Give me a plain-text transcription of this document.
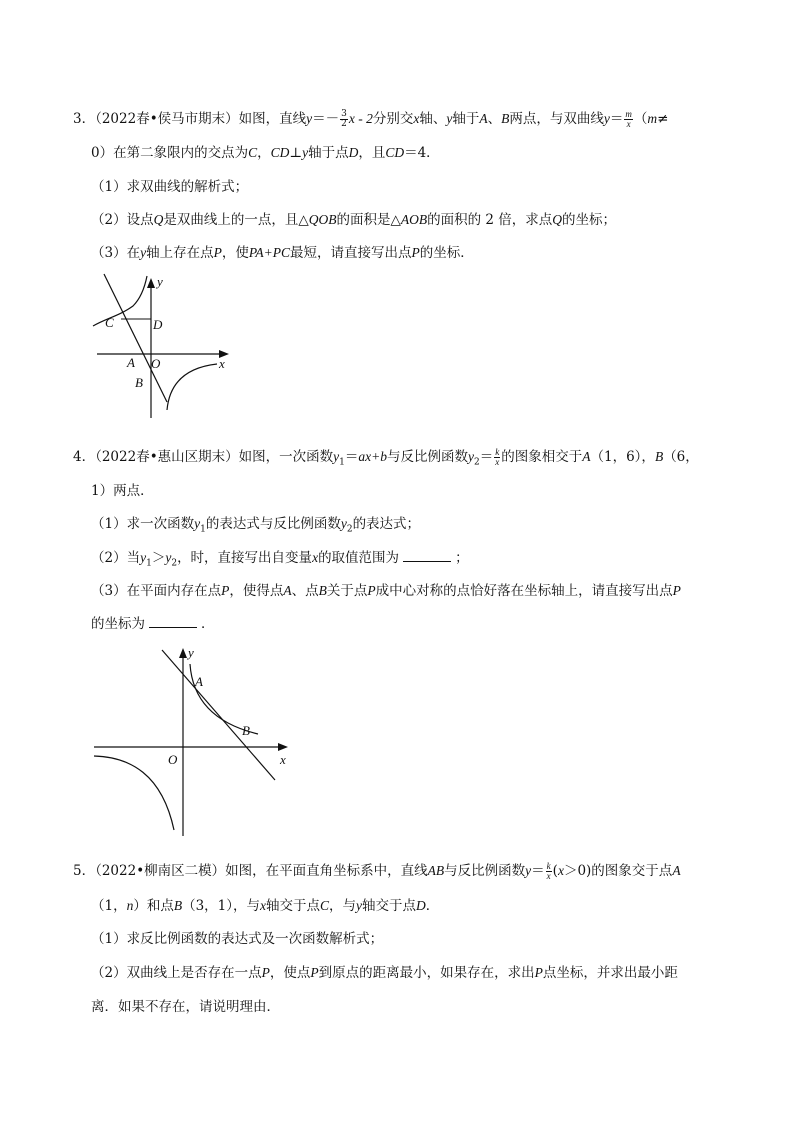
3．（2022春•侯马市期末）如图，直线$y=- \frac{3}{2}$ x - 2分别交x轴、y轴于A、B两点，与双曲线$y= \frac{m}{x} (m\ne$
0）在第二象限内的交点为C，CD⊥y轴于点D，且CD＝4．
（1）求双曲线的解析式；
（2）设点Q是双曲线上的一点，且△QOB的面积是△AOB的面积的 2 倍，求点Q的坐标；
（3）在y轴上存在点P，使PA+PC最短，请直接写出点P的坐标．
y
x
C	D
A O
B
4．（2022春•惠山区期末）如图，一次函数$y_1=ax+b$与反比例函数$y_2= \frac{k}{x}$ 的图象相交于A（1，6），B（6，
1）两点．
（1）求一次函数$y_1$的表达式与反比例函数$y_2$的表达式；
（2）当$y_1>y_2$，时，直接写出自变量x的取值范围为	；
（3）在平面内存在点P，使得点A、点B关于点P成中心对称的点恰好落在坐标轴上，请直接写出点P
的坐标为	．
y
x
A
B
O
5．（2022•柳南区二模）如图，在平面直角坐标系中，直线AB与反比例函数$y= \frac{k}{x} (x>0)$的图象交于点A
（1，n）和点B（3，1），与x轴交于点C，与y轴交于点D．
（1）求反比例函数的表达式及一次函数解析式；
（2）双曲线上是否存在一点P，使点P到原点的距离最小，如果存在，求出P点坐标，并求出最小距
离．如果不存在，请说明理由．
